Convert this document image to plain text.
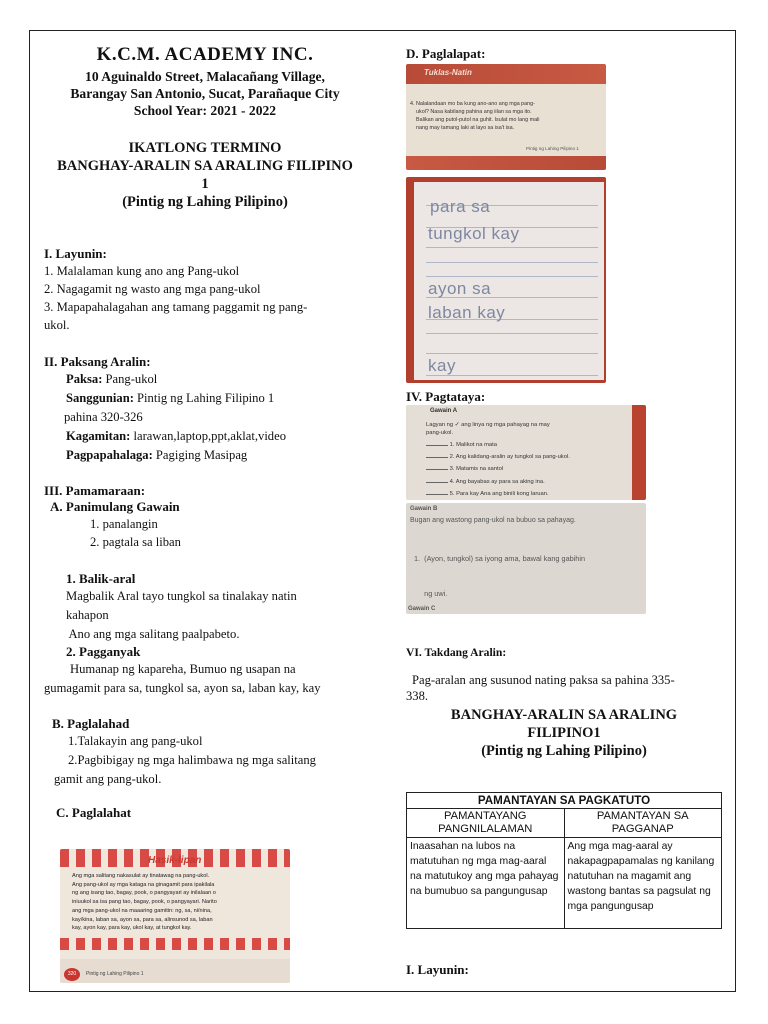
K.C.M. ACADEMY INC.
10 Aguinaldo Street, Malacañang Village,
Barangay San Antonio, Sucat, Parañaque City
School Year: 2021 - 2022
IKATLONG TERMINO
BANGHAY-ARALIN SA ARALING FILIPINO
1
(Pintig ng Lahing Pilipino)
I. Layunin:
1. Malalaman kung ano ang Pang-ukol
2. Nagagamit ng wasto ang mga pang-ukol
3. Mapapahalagahan ang tamang paggamit ng pang-
ukol.
II. Paksang Aralin:
Paksa: Pang-ukol
Sanggunian: Pintig ng Lahing Filipino 1
pahina 320-326
Kagamitan: larawan,laptop,ppt,aklat,video
Pagpapahalaga: Pagiging Masipag
III. Pamamaraan:
A. Panimulang Gawain
1. panalangin
2. pagtala sa liban
1. Balik-aral
Magbalik Aral tayo tungkol sa tinalakay natin
kahapon
Ano ang mga salitang paalpabeto.
2. Pagganyak
Humanap ng kapareha, Bumuo ng usapan na
gumagamit para sa, tungkol sa, ayon sa, laban kay, kay
B. Paglalahad
1.Talakayin ang pang-ukol
2.Pagbibigay ng mga halimbawa ng mga salitang
gamit ang pang-ukol.
C. Paglalahat
Hasik-lipan
Ang mga salitang nakasulat ay tinatawag na pang-ukol.
Ang pang-ukol ay mga kataga na ginagamit para ipakilala
ng ang isang tao, bagay, pook, o pangyayari ay inilalaan o
iniuukol sa isa pang tao, bagay, pook, o pangyayari. Narito
ang mga pang-ukol na maaaring gamitin: ng, sa, ni/nina,
kay/kina, laban sa, ayon sa, para sa, alinsunod sa, laban
kay, ayon kay, para kay, ukol kay, at tungkol kay.
320	Pintig ng Lahing Pilipino 1
D. Paglalapat:
Tuklas-Natin
4. Nalalandaan mo ba kung ano-ano ang mga pang-
ukol? Nasa kabilang pahina ang iilan sa mga ito.
Balikan ang putol-putol na guhit. Isulat mo lang mali
nang may tamang laki at layo sa isa't isa.
Pintig ng Lahing Pilipino 1
para sa
tungkol kay
ayon sa
laban kay
kay
IV. Pagtataya:
Gawain A
Lagyan ng ✓ ang linya ng mga pahayag na may
pang-ukol.
1. Malikot na mata
2. Ang kalidang-aralin ay tungkol sa pang-ukol.
3. Matamis na santol
4. Ang bayabas ay para sa aking ina.
5. Para kay Ana ang binili kong laruan.
Gawain B
Bugan ang wastong pang-ukol na bubuo sa pahayag.

1.  (Ayon, tungkol) sa iyong ama, bawal kang gabihin

ng uwi.

Gawain C
VI. Takdang Aralin:
Pag-aralan ang susunod nating paksa sa pahina 335-
338.
BANGHAY-ARALIN SA ARALING
FILIPINO1
(Pintig ng Lahing Pilipino)
PAMANTAYAN SA PAGKATUTO	
PAMANTAYANG PANGNILALAMAN	PAMANTAYAN SA PAGGANAP
Inaasahan na lubos na matutuhan ng mga mag-aaral na matutukoy ang mga pahayag na bumubuo sa pangungusap	Ang mga mag-aaral ay nakapagpapamalas ng kanilang natutuhan na magamit ang wastong bantas sa pagsulat ng mga pangungusap
I. Layunin:
